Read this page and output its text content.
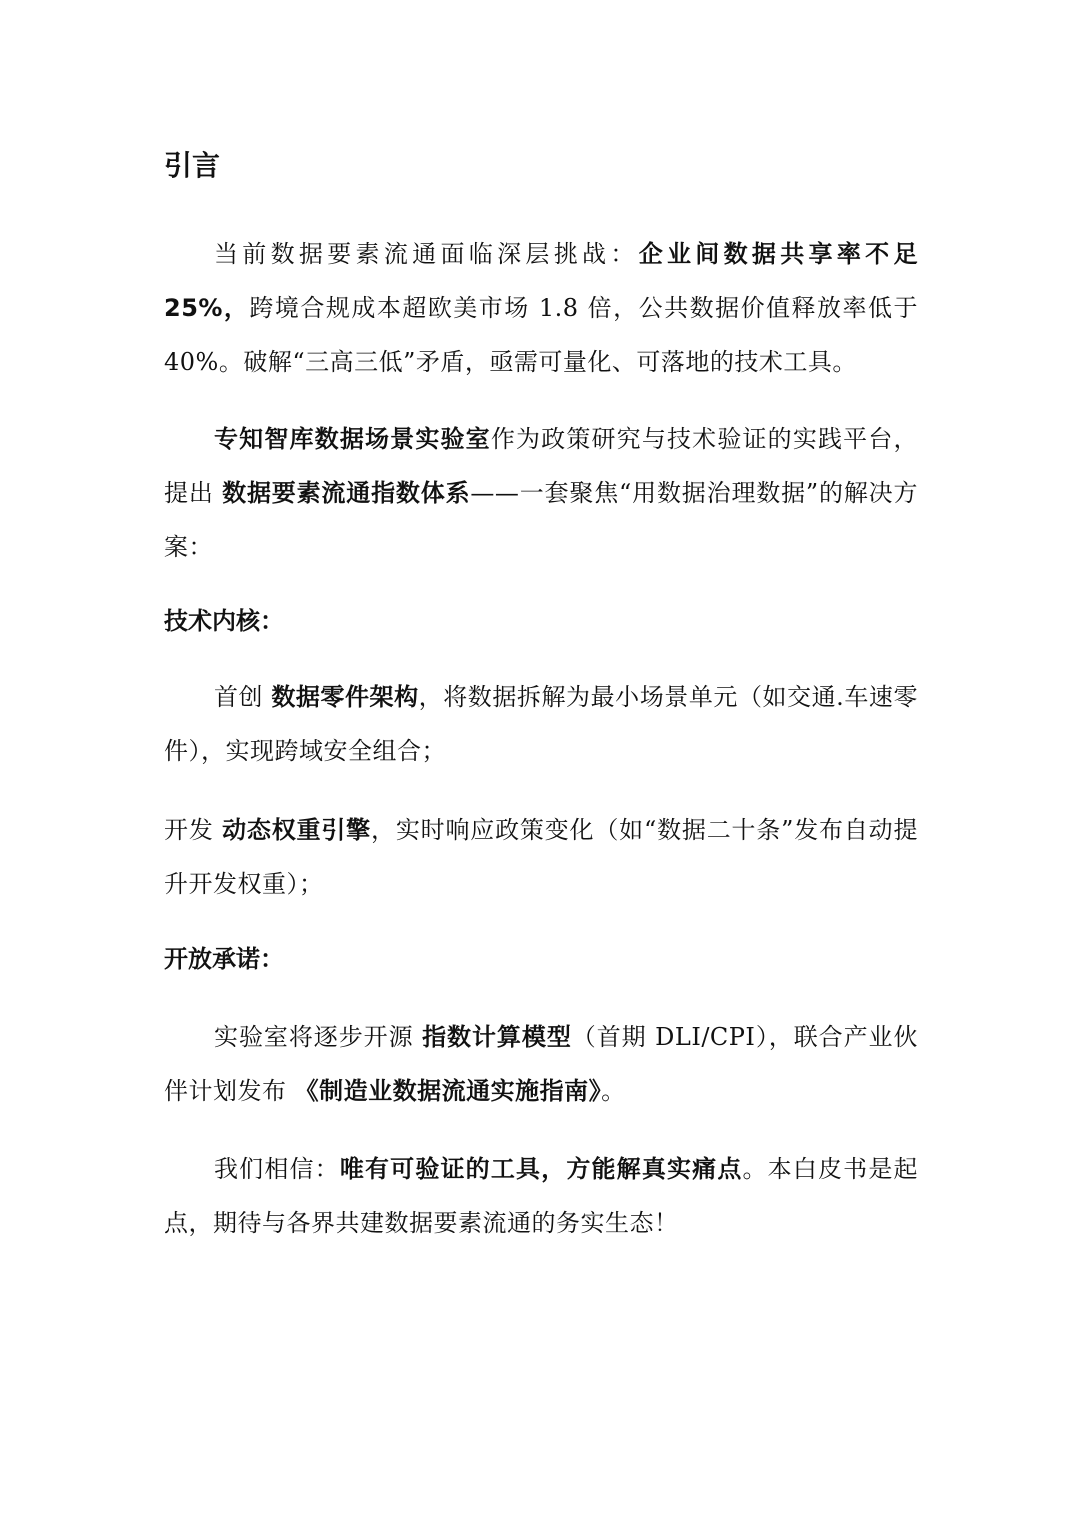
引言

当前数据要素流通面临深层挑战：企业间数据共享率不足 25%，跨境合规成本超欧美市场 1.8 倍，公共数据价值释放率低于 40%。破解“三高三低”矛盾，亟需可量化、可落地的技术工具。

专知智库数据场景实验室作为政策研究与技术验证的实践平台，提出 数据要素流通指数体系——一套聚焦“用数据治理数据”的解决方案：

技术内核：

首创 数据零件架构，将数据拆解为最小场景单元（如交通.车速零件），实现跨域安全组合；

开发 动态权重引擎，实时响应政策变化（如“数据二十条”发布自动提升开发权重）；

开放承诺：

实验室将逐步开源 指数计算模型（首期 DLI/CPI），联合产业伙伴计划发布 《制造业数据流通实施指南》。

我们相信：唯有可验证的工具，方能解真实痛点。本白皮书是起点，期待与各界共建数据要素流通的务实生态！
